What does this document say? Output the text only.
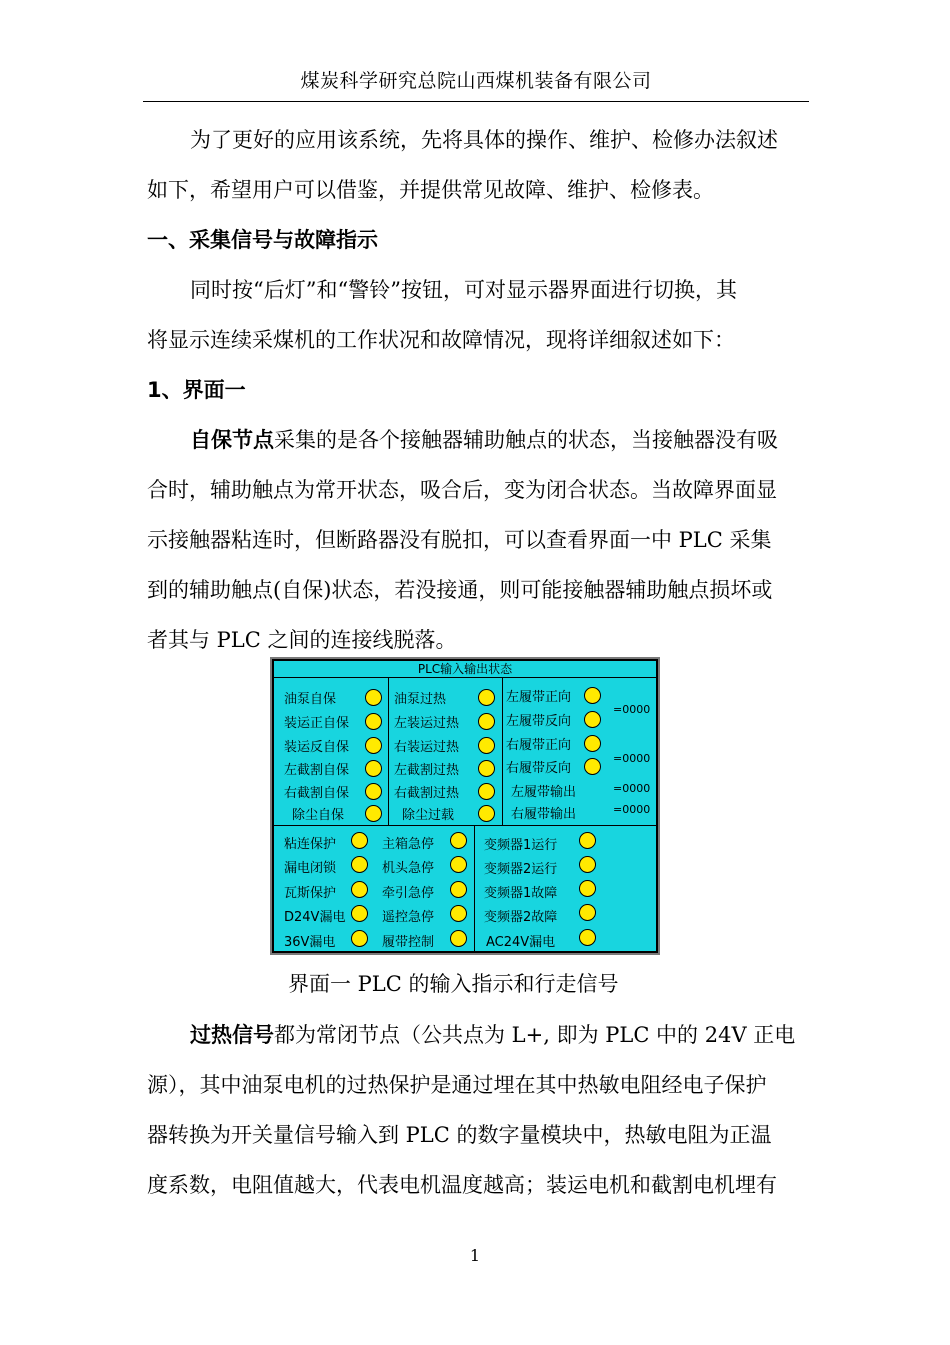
煤炭科学研究总院山西煤机装备有限公司
为了更好的应用该系统，先将具体的操作、维护、检修办法叙述
如下，希望用户可以借鉴，并提供常见故障、维护、检修表。
一、采集信号与故障指示
同时按“后灯”和“警铃”按钮，可对显示器界面进行切换，其
将显示连续采煤机的工作状况和故障情况，现将详细叙述如下：
1、界面一
自保节点采集的是各个接触器辅助触点的状态，当接触器没有吸
合时，辅助触点为常开状态，吸合后，变为闭合状态。当故障界面显
示接触器粘连时，但断路器没有脱扣，可以查看界面一中 PLC 采集
到的辅助触点(自保)状态，若没接通，则可能接触器辅助触点损坏或
者其与 PLC 之间的连接线脱落。
PLC输入输出状态
油泵自保
装运正自保
装运反自保
左截割自保
右截割自保
除尘自保
油泵过热
左装运过热
右装运过热
左截割过热
右截割过热
除尘过载
左履带正向
左履带反向
右履带正向
右履带反向
左履带输出
右履带输出
=0000
=0000
=0000
=0000
粘连保护
漏电闭锁
瓦斯保护
D24V漏电
36V漏电
主箱急停
机头急停
牵引急停
遥控急停
履带控制
变频器1运行
变频器2运行
变频器1故障
变频器2故障
AC24V漏电
界面一 PLC 的输入指示和行走信号
过热信号都为常闭节点（公共点为 L+, 即为 PLC 中的 24V 正电
源），其中油泵电机的过热保护是通过埋在其中热敏电阻经电子保护
器转换为开关量信号输入到 PLC 的数字量模块中，热敏电阻为正温
度系数，电阻值越大，代表电机温度越高；装运电机和截割电机埋有
1
